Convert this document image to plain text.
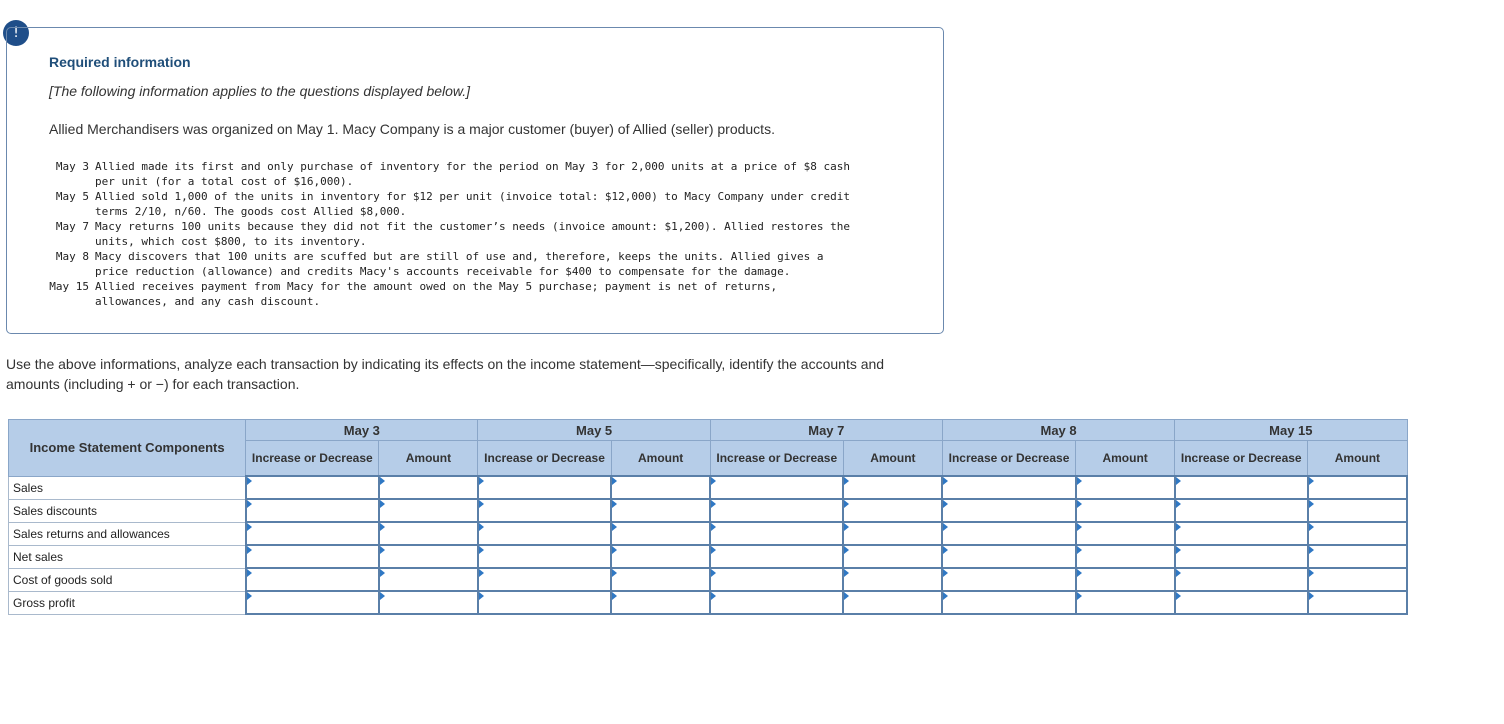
!
Required information
[The following information applies to the questions displayed below.]
Allied Merchandisers was organized on May 1. Macy Company is a major customer (buyer) of Allied (seller) products.
May 3 Allied made its first and only purchase of inventory for the period on May 3 for 2,000 units at a price of $8 cash
per unit (for a total cost of $16,000).
May 5 Allied sold 1,000 of the units in inventory for $12 per unit (invoice total: $12,000) to Macy Company under credit
terms 2/10, n/60. The goods cost Allied $8,000.
May 7 Macy returns 100 units because they did not fit the customer’s needs (invoice amount: $1,200). Allied restores the
units, which cost $800, to its inventory.
May 8 Macy discovers that 100 units are scuffed but are still of use and, therefore, keeps the units. Allied gives a
price reduction (allowance) and credits Macy's accounts receivable for $400 to compensate for the damage.
May 15 Allied receives payment from Macy for the amount owed on the May 5 purchase; payment is net of returns,
allowances, and any cash discount.
Use the above informations, analyze each transaction by indicating its effects on the income statement—specifically, identify the accounts and amounts (including + or −) for each transaction.
Income Statement Components	May 3		May 5		May 7		May 8		May 15	
	Increase or Decrease	Amount	Increase or Decrease	Amount	Increase or Decrease	Amount	Increase or Decrease	Amount	Increase or Decrease	Amount
Sales	

Sales discounts	

Sales returns and allowances	

Net sales	

Cost of goods sold	

Gross profit	
